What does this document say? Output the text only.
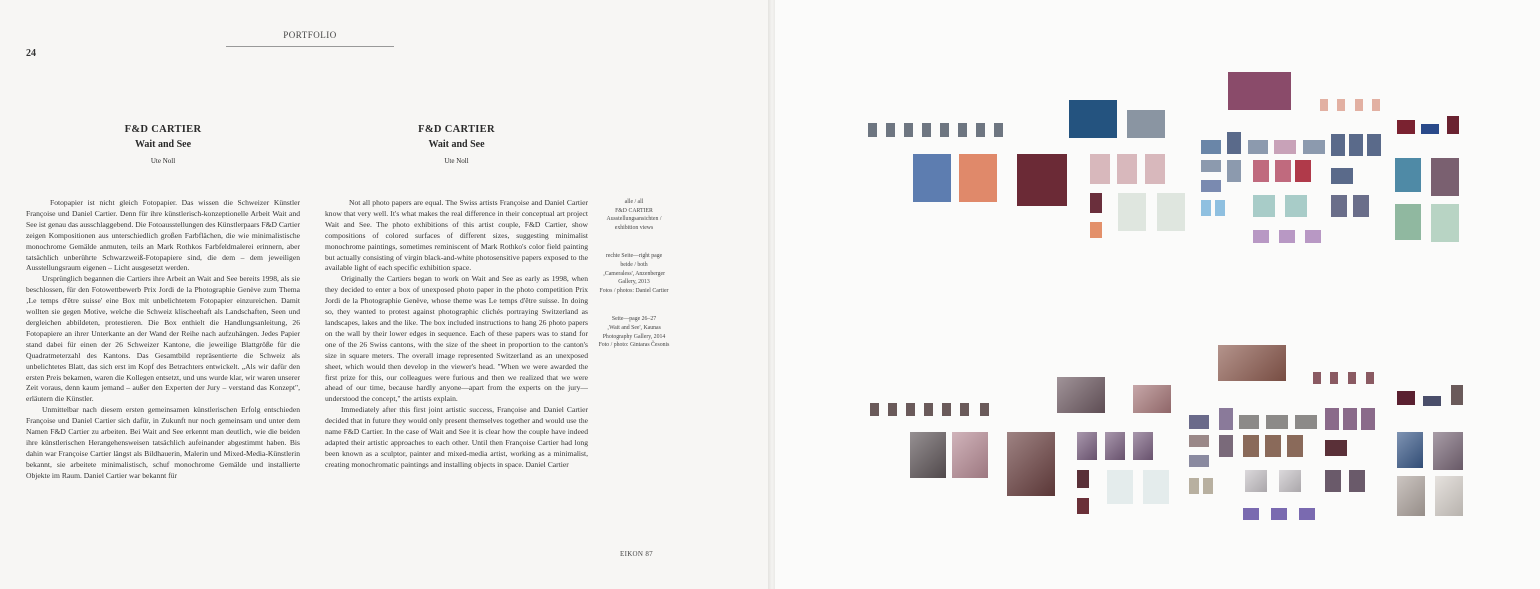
PORTFOLIO
24
F&D CARTIER
Wait and See
Ute Noll

Fotopapier ist nicht gleich Fotopapier. Das wissen die Schweizer Künstler Françoise und Daniel Cartier. Denn für ihre künstlerisch-konzeptionelle Arbeit Wait and See ist genau das ausschlaggebend. Die Fotoausstellungen des Künstlerpaars F&D Cartier zeigen Kompositionen aus unterschiedlich großen Farbflächen, die wie minimalistische monochrome Gemälde anmuten, teils an Mark Rothkos Farbfeldmalerei erinnern, aber tatsächlich unberührte Schwarzweiß-Fotopapiere sind, die dem – dem jeweiligen Ausstellungsraum eigenen – Licht ausgesetzt werden.

Ursprünglich begannen die Cartiers ihre Arbeit an Wait and See bereits 1998, als sie beschlossen, für den Fotowettbewerb Prix Jordi de la Photographie Genève zum Thema ‚Le temps d'être suisse' eine Box mit unbelichtetem Fotopapier einzureichen. Damit wollten sie gegen Motive, welche die Schweiz klischeehaft als Landschaften, Seen und dergleichen abbildeten, protestieren. Die Box enthielt die Handlungsanleitung, 26 Fotopapiere an ihrer Unterkante an der Wand der Reihe nach aufzuhängen. Jedes Papier stand dabei für einen der 26 Schweizer Kantone, die jeweilige Blattgröße für die Quadratmeterzahl des Kantons. Das Gesamtbild repräsentierte die Schweiz als unbelichtetes Blatt, das sich erst im Kopf des Betrachters entwickelt. „Als wir dafür den ersten Preis bekamen, waren die Kollegen entsetzt, und uns wurde klar, wir waren unserer Zeit voraus, denn kaum jemand – außer den Experten der Jury – verstand das Konzept", erläutern die Künstler.

Unmittelbar nach diesem ersten gemeinsamen künstlerischen Erfolg entschieden Françoise und Daniel Cartier sich dafür, in Zukunft nur noch gemeinsam und unter dem Namen F&D Cartier zu arbeiten. Bei Wait and See erkennt man deutlich, wie die beiden ihre künstlerischen Herangehensweisen tatsächlich aufeinander abgestimmt haben. Bis dahin war Françoise Cartier längst als Bildhauerin, Malerin und Mixed-Media-Künstlerin bekannt, sie arbeitete minimalistisch, schuf monochrome Gemälde und installierte Objekte im Raum. Daniel Cartier war bekannt für

F&D CARTIER
Wait and See
Ute Noll

Not all photo papers are equal. The Swiss artists Françoise and Daniel Cartier know that very well. It's what makes the real difference in their conceptual art project Wait and See. The photo exhibitions of this artist couple, F&D Cartier, show compositions of colored surfaces of different sizes, suggesting minimalist monochrome paintings, sometimes reminiscent of Mark Rothko's color field painting but actually consisting of virgin black-and-white photosensitive papers exposed to the available light of each specific exhibition space.

Originally the Cartiers began to work on Wait and See as early as 1998, when they decided to enter a box of unexposed photo paper in the photo competition Prix Jordi de la Photographie Genève, whose theme was Le temps d'être suisse. In doing so, they wanted to protest against photographic clichés portraying Switzerland as landscapes, lakes and the like. The box included instructions to hang 26 photo papers on the wall by their lower edges in sequence. Each of these papers was to stand for one of the 26 Swiss cantons, with the size of the sheet in proportion to the canton's size in square meters. The overall image represented Switzerland as an unexposed sheet, which would then develop in the viewer's head. "When we were awarded the first prize for this, our colleagues were furious and then we realized that we were ahead of our time, because hardly anyone—apart from the experts on the jury—understood the concept," the artists explain.

Immediately after this first joint artistic success, Françoise and Daniel Cartier decided that in future they would only present themselves together and would use the name F&D Cartier. In the case of Wait and See it is clear how the couple have indeed adapted their artistic approaches to each other. Until then Françoise Cartier had long been known as a sculptor, painter and mixed-media artist, working as a minimalist, creating monochromatic paintings and installing objects in space. Daniel Cartier

alle / all
F&D CARTIER
Ausstellungsansichten /
exhibition views
rechte Seite—right page
beide / both
‚Cameraless', Anzenberger
Gallery, 2013
Fotos / photos: Daniel Cartier
Seite—page 26–27
‚Wait and See', Kaunas
Photography Gallery, 2014
Foto / photo: Gintaras Česonis
EIKON 87
